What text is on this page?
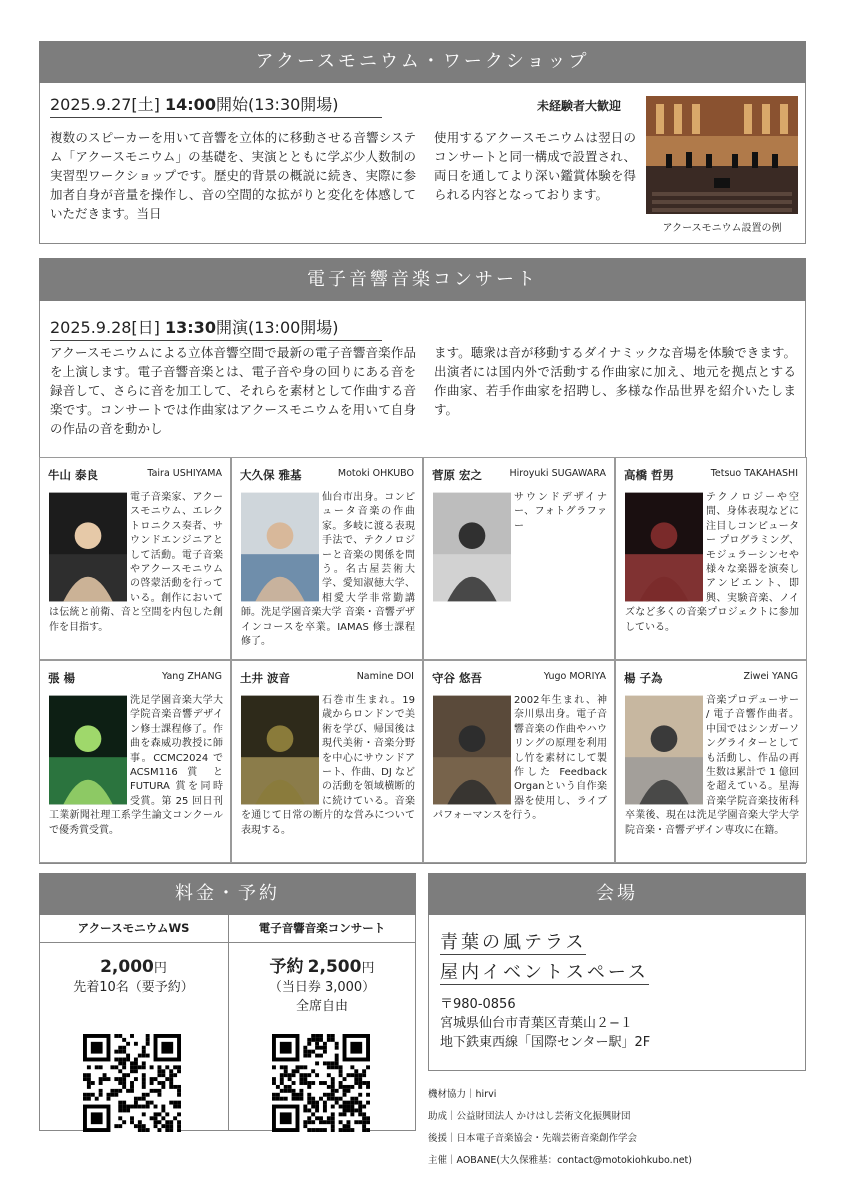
アクースモニウム・ワークショップ
2025.9.27[土] 14:00開始(13:30開場)	未経験者大歓迎
複数のスピーカーを用いて音響を立体的に移動させる音響システム「アクースモニウム」の基礎を、実演とともに学ぶ少人数制の実習型ワークショップです。歴史的背景の概説に続き、実際に参加者自身が音量を操作し、音の空間的な拡がりと変化を体感していただきます。当日
使用するアクースモニウムは翌日のコンサートと同一構成で設置され、両日を通してより深い鑑賞体験を得られる内容となっております。
アクースモニウム設置の例
電子音響音楽コンサート
2025.9.28[日] 13:30開演(13:00開場)
アクースモニウムによる立体音響空間で最新の電子音響音楽作品を上演します。電子音響音楽とは、電子音や身の回りにある音を録音して、さらに音を加工して、それらを素材として作曲する音楽です。コンサートでは作曲家はアクースモニウムを用いて自身の作品の音を動かし
ます。聴衆は音が移動するダイナミックな音場を体験できます。出演者には国内外で活動する作曲家に加え、地元を拠点とする作曲家、若手作曲家を招聘し、多様な作品世界を紹介いたします。
牛山 泰良	Taira USHIYAMA
電子音楽家、アクースモニウム、エレクトロニクス奏者、サウンドエンジニアとして活動。電子音楽やアクースモニウムの啓蒙活動を行っている。創作においては伝統と前衛、音と空間を内包した創作を目指す。
大久保 雅基	Motoki OHKUBO
仙台市出身。コンピュータ音楽の作曲家。多岐に渡る表現手法で、テクノロジーと音楽の関係を問う。名古屋芸術大学、愛知淑徳大学、相愛大学非常勤講師。洗足学園音楽大学 音楽・音響デザインコースを卒業。IAMAS 修士課程修了。
菅原 宏之	Hiroyuki SUGAWARA
サウンドデザイナー、フォトグラファー
高橋 哲男	Tetsuo TAKAHASHI
テクノロジーや空間、身体表現などに注目しコンピューター プログラミング、モジュラーシンセや様々な楽器を演奏しアンビエント、即興、実験音楽、ノイズなど多くの音楽プロジェクトに参加している。
張 楊	Yang ZHANG
洗足学園音楽大学大学院音楽音響デザイン修士課程修了。作曲を森威功教授に師事。CCMC2024 で ACSM116 賞 と FUTURA 賞を同時受賞。第 25 回日刊工業新聞社理工系学生論文コンクールで優秀賞受賞。
土井 波音	Namine DOI
石巻市生まれ。19歳からロンドンで美術を学び、帰国後は現代美術・音楽分野を中心にサウンドアート、作曲、DJ などの活動を領域横断的に続けている。音楽を通じて日常の断片的な営みについて表現する。
守谷 悠吾	Yugo MORIYA
2002年生まれ、神奈川県出身。電子音響音楽の作曲やハウリングの原理を利用し竹を素材にして製作した Feedback Organという自作楽器を使用し、ライブパフォーマンスを行う。
楊 子為	Ziwei YANG
音楽プロデューサー / 電子音響作曲者。中国ではシンガーソングライターとしても活動し、作品の再生数は累計で 1 億回を超えている。星海音楽学院音楽技術科卒業後、現在は洗足学園音楽大学大学院音楽・音響デザイン専攻に在籍。
料金・予約
アクースモニウムWS	電子音響音楽コンサート
2,000円
先着10名（要予約）
予約 2,500円
（当日券 3,000）
全席自由
会場
青葉の風テラス
屋内イベントスペース
〒980-0856
宮城県仙台市青葉区青葉山２−１
地下鉄東西線「国際センター駅」2F
機材協力｜hirvi
助成｜公益財団法人 かけはし芸術文化振興財団
後援｜日本電子音楽協会・先端芸術音楽創作学会
主催｜AOBANE(大久保雅基：contact@motokiohkubo.net)
